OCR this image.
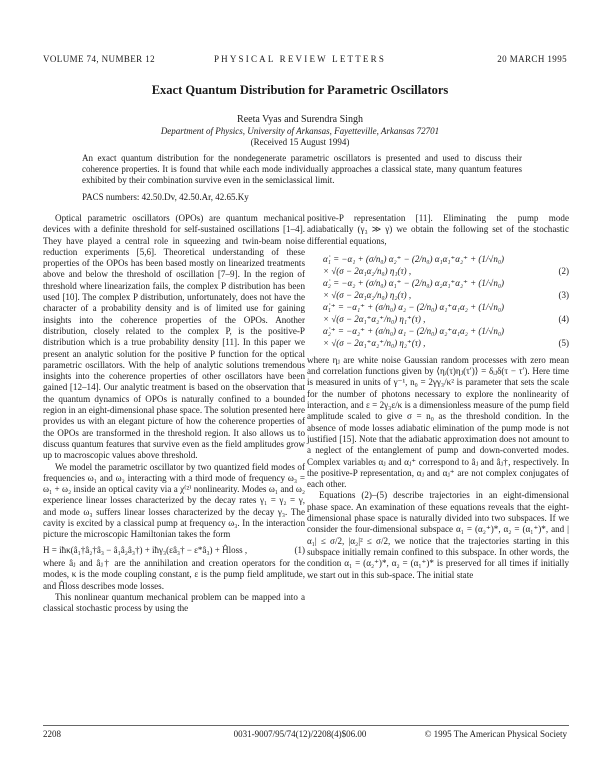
VOLUME 74, NUMBER 12	PHYSICAL REVIEW LETTERS	20 MARCH 1995
Exact Quantum Distribution for Parametric Oscillators
Reeta Vyas and Surendra Singh
Department of Physics, University of Arkansas, Fayetteville, Arkansas 72701
(Received 15 August 1994)
An exact quantum distribution for the nondegenerate parametric oscillators is presented and used to discuss their coherence properties. It is found that while each mode individually approaches a classical state, many quantum features exhibited by their combination survive even in the semiclassical limit.
PACS numbers: 42.50.Dv, 42.50.Ar, 42.65.Ky

Optical parametric oscillators (OPOs) are quantum mechanical devices with a definite threshold for self-sustained oscillations [1–4]. They have played a central role in squeezing and twin-beam noise reduction experiments [5,6]. Theoretical understanding of these properties of the OPOs has been based mostly on linearized treatments above and below the threshold of oscillation [7–9]. In the region of threshold where linearization fails, the complex P distribution has been used [10]. The complex P distribution, unfortunately, does not have the character of a probability density and is of limited use for gaining insights into the coherence properties of the OPOs. Another distribution, closely related to the complex P, is the positive-P distribution which is a true probability density [11]. In this paper we present an analytic solution for the positive P function for the optical parametric oscillators. With the help of analytic solutions tremendous insights into the coherence properties of other oscillators have been gained [12–14]. Our analytic treatment is based on the observation that the quantum dynamics of OPOs is naturally confined to a bounded region in an eight-dimensional phase space. The solution presented here provides us with an elegant picture of how the coherence properties of the OPOs are transformed in the threshold region. It also allows us to discuss quantum features that survive even as the field amplitudes grow up to macroscopic values above threshold.

We model the parametric oscillator by two quantized field modes of frequencies ω₁ and ω₂ interacting with a third mode of frequency ω₃ = ω₁ + ω₂ inside an optical cavity via a χ⁽²⁾ nonlinearity. Modes ω₁ and ω₂ experience linear losses characterized by the decay rates γ₁ = γ₂ = γ, and mode ω₃ suffers linear losses characterized by the decay γ₃. The cavity is excited by a classical pump at frequency ω₃. In the interaction picture the microscopic Hamiltonian takes the form

H = iħκ(â₁†â₂†â₃ − â₁â₂â₃†) + iħγ₃(εâ₃† − ε*â₃) + Ĥloss ,	(1)

where âⱼ and âⱼ† are the annihilation and creation operators for the modes, κ is the mode coupling constant, ε is the pump field amplitude, and Ĥloss describes mode losses.

This nonlinear quantum mechanical problem can be mapped into a classical stochastic process by using the

positive-P representation [11]. Eliminating the pump mode adiabatically (γ₃ ≫ γ) we obtain the following set of the stochastic differential equations,

α̇₁ = −α₁ + (σ/n₀) α₂⁺ − (2/n₀) α₁α₁⁺α₂⁺ + (1/√n₀)
× √(σ − 2α₁α₂/n₀) η₁(τ) ,	(2)
α̇₂ = −α₂ + (σ/n₀) α₁⁺ − (2/n₀) α₂α₁⁺α₂⁺ + (1/√n₀)
× √(σ − 2α₁α₂/n₀) η₂(τ) ,	(3)
α̇₁⁺ = −α₁⁺ + (σ/n₀) α₂ − (2/n₀) α₁⁺α₁α₂ + (1/√n₀)
× √(σ − 2α₁⁺α₂⁺/n₀) η₁⁺(τ) ,	(4)
α̇₂⁺ = −α₂⁺ + (σ/n₀) α₁ − (2/n₀) α₂⁺α₁α₂ + (1/√n₀)
× √(σ − 2α₁⁺α₂⁺/n₀) η₂⁺(τ) ,	(5)

where ηⱼ are white noise Gaussian random processes with zero mean and correlation functions given by ⟨ηᵢ(τ)ηⱼ(τ′)⟩ = δᵢⱼδ(τ − τ′). Here time is measured in units of γ⁻¹, n₀ = 2γγ₃/κ² is parameter that sets the scale for the number of photons necessary to explore the nonlinearity of interaction, and ε = 2γ₃ε/κ is a dimensionless measure of the pump field amplitude scaled to give σ = n₀ as the threshold condition. In the absence of mode losses adiabatic elimination of the pump mode is not justified [15]. Note that the adiabatic approximation does not amount to a neglect of the entanglement of pump and down-converted modes. Complex variables αⱼ and αⱼ⁺ correspond to âⱼ and âⱼ†, respectively. In the positive-P representation, αⱼ and αⱼ⁺ are not complex conjugates of each other.

Equations (2)–(5) describe trajectories in an eight-dimensional phase space. An examination of these equations reveals that the eight-dimensional phase space is naturally divided into two subspaces. If we consider the four-dimensional subspace α₁ = (α₂⁺)*, α₂ = (α₁⁺)*, and |α₁| ≤ σ/2, |α₂|² ≤ σ/2, we notice that the trajectories starting in this subspace initially remain confined to this subspace. In other words, the condition α₁ = (α₂⁺)*, α₂ = (α₁⁺)* is preserved for all times if initially we start out in this sub-space. The initial state

2208	0031-9007/95/74(12)/2208(4)$06.00	© 1995 The American Physical Society
